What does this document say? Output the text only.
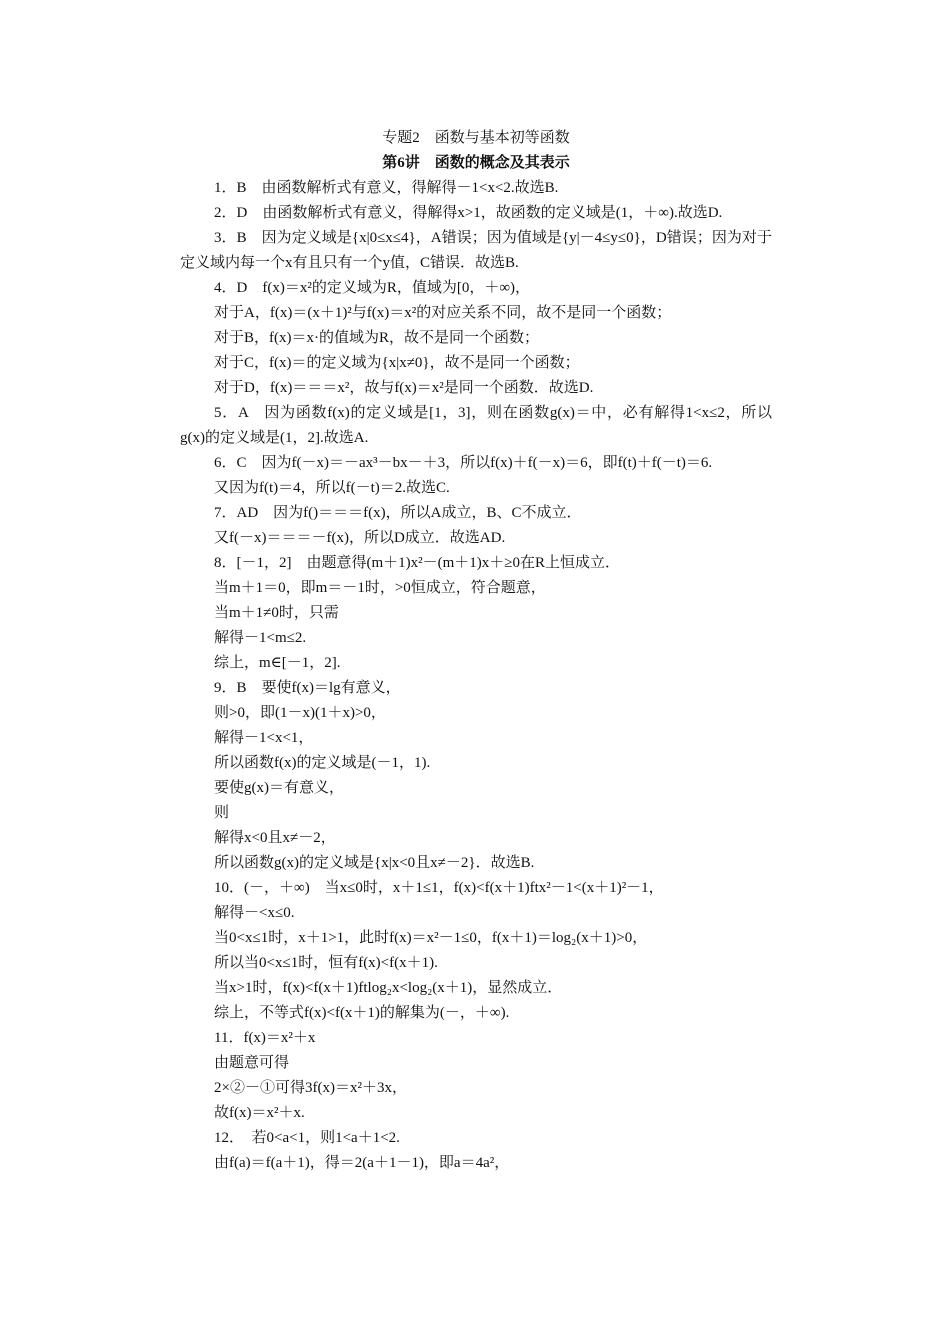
专题2　函数与基本初等函数
第6讲　函数的概念及其表示
1．B　由函数解析式有意义，得解得－1<x<2.故选B.
2．D　由函数解析式有意义，得解得x>1，故函数的定义域是(1，＋∞).故选D.
3．B　因为定义域是{x|0≤x≤4}，A错误；因为值域是{y|－4≤y≤0}，D错误；因为对于定义域内每一个x有且只有一个y值，C错误．故选B.
4．D　f(x)＝x²的定义域为R，值域为[0，＋∞)，
对于A，f(x)＝(x＋1)²与f(x)＝x²的对应关系不同，故不是同一个函数；
对于B，f(x)＝x·的值域为R，故不是同一个函数；
对于C，f(x)＝的定义域为{x|x≠0}，故不是同一个函数；
对于D，f(x)＝＝＝x²，故与f(x)＝x²是同一个函数．故选D.
5．A　因为函数f(x)的定义域是[1，3]，则在函数g(x)＝中，必有解得1<x≤2，所以g(x)的定义域是(1，2].故选A.
6．C　因为f(－x)＝－ax³－bx－＋3，所以f(x)＋f(－x)＝6，即f(t)＋f(－t)＝6.
又因为f(t)＝4，所以f(－t)＝2.故选C.
7．AD　因为f()＝＝＝f(x)，所以A成立，B、C不成立．
又f(－x)＝＝＝－f(x)，所以D成立．故选AD.
8．[－1，2]　由题意得(m＋1)x²－(m＋1)x＋≥0在R上恒成立．
当m＋1＝0，即m＝－1时，>0恒成立，符合题意，
当m＋1≠0时，只需
解得－1<m≤2.
综上，m∈[－1，2].
9．B　要使f(x)＝lg有意义，
则>0，即(1－x)(1＋x)>0，
解得－1<x<1，
所以函数f(x)的定义域是(－1，1).
要使g(x)＝有意义，
则
解得x<0且x≠－2，
所以函数g(x)的定义域是{x|x<0且x≠－2}．故选B.
10．(－，＋∞)　当x≤0时，x＋1≤1，f(x)<f(x＋1)ftx²－1<(x＋1)²－1，
解得－<x≤0.
当0<x≤1时，x＋1>1，此时f(x)＝x²－1≤0，f(x＋1)＝log₂(x＋1)>0，
所以当0<x≤1时，恒有f(x)<f(x＋1).
当x>1时，f(x)<f(x＋1)ftlog₂x<log₂(x＋1)，显然成立．
综上，不等式f(x)<f(x＋1)的解集为(－，＋∞).
11．f(x)＝x²＋x
由题意可得
2×②－①可得3f(x)＝x²＋3x，
故f(x)＝x²＋x.
12．　若0<a<1，则1<a＋1<2.
由f(a)＝f(a＋1)，得＝2(a＋1－1)，即a＝4a²，
